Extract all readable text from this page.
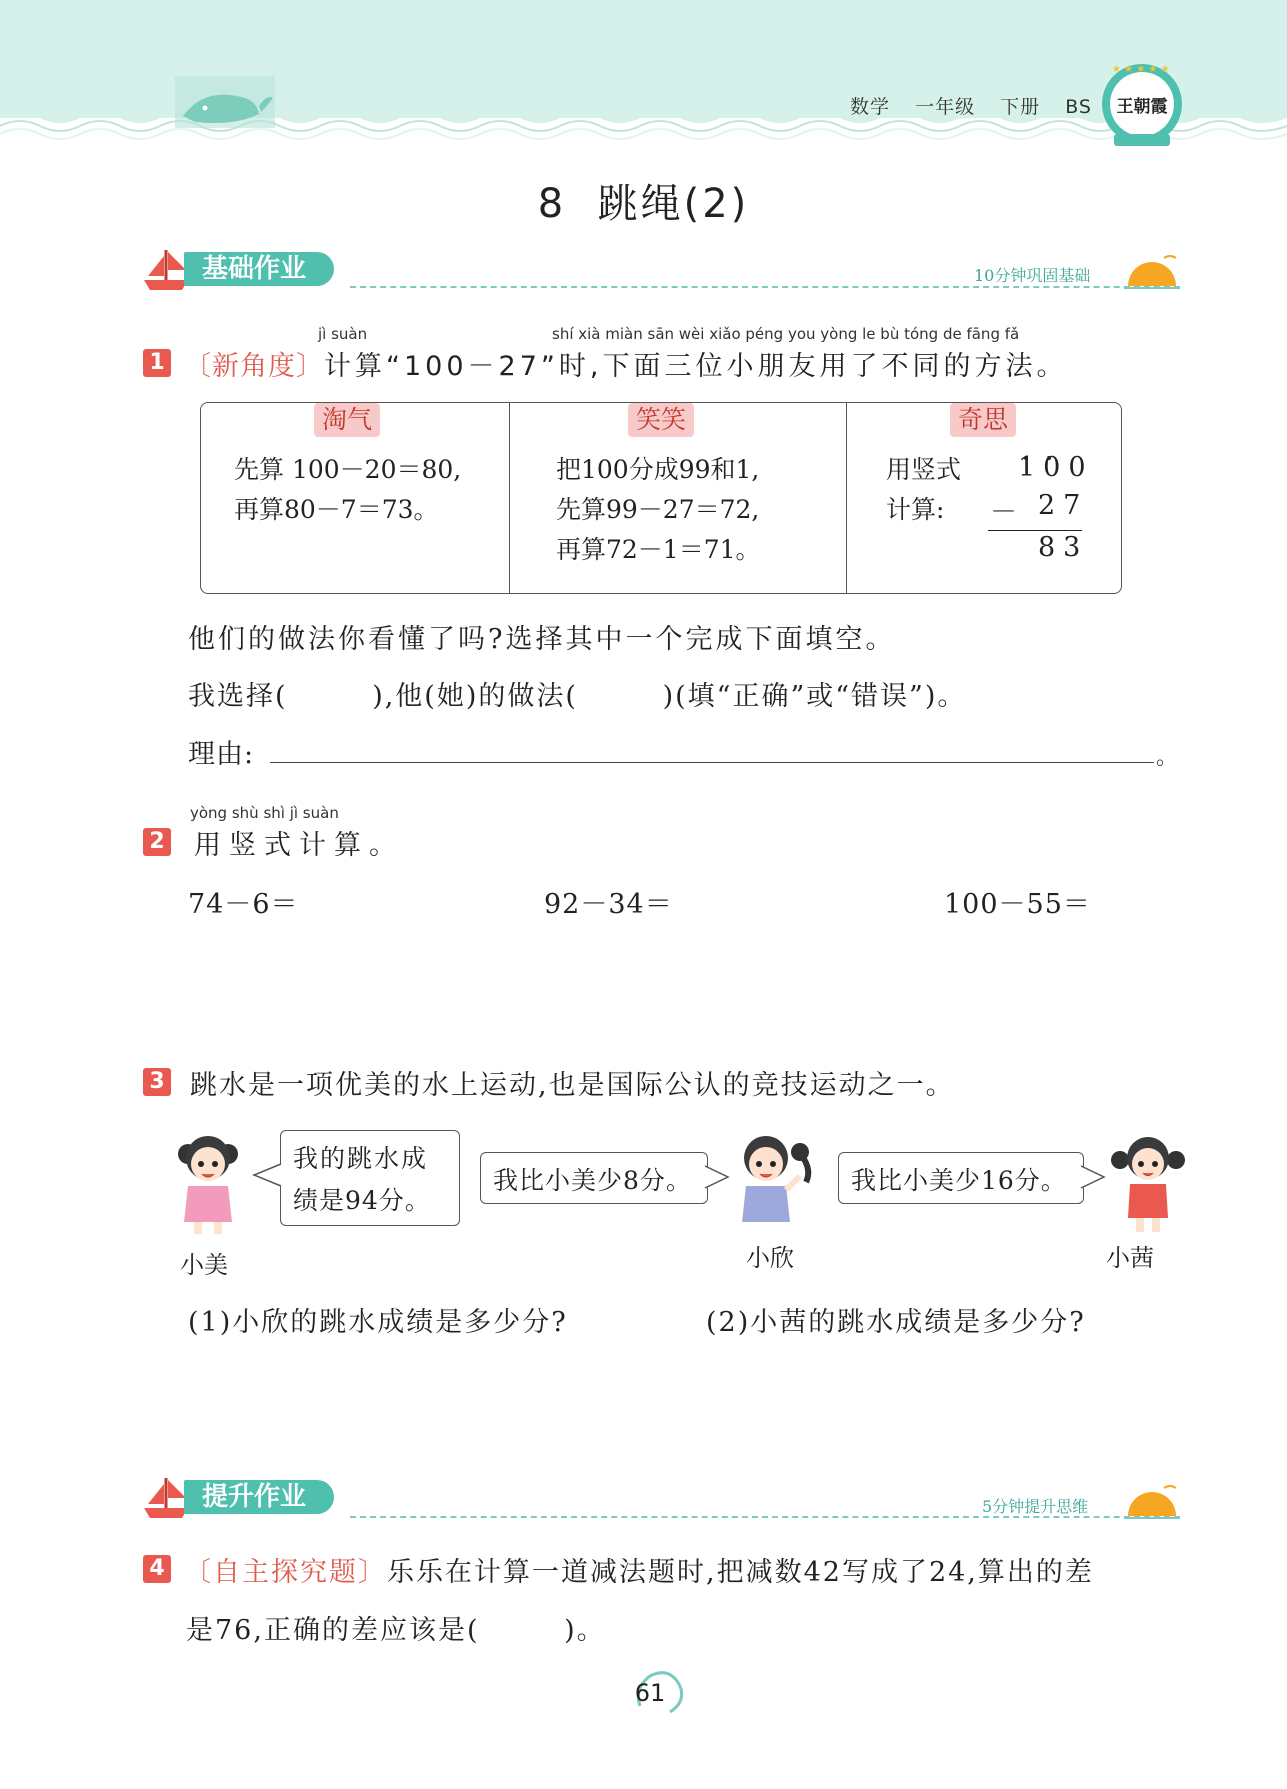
数学 一年级 下册 BS
★ ★ ★ ★ ★
王朝霞
8  跳绳(2)
基础作业	10分钟巩固基础
jì suàn	shí xià miàn sān wèi xiǎo péng you yòng le bù tóng de fāng fǎ
1 〔新角度〕计算“100－27”时,下面三位小朋友用了不同的方法。
淘气
先算 100－20＝80,
再算80－7＝73。
笑笑
把100分成99和1,
先算99－27＝72,
再算72－1＝71。
奇思
用竖式
计算:
100
－ 27
83
他们的做法你看懂了吗?选择其中一个完成下面填空。
我选择(        ),他(她)的做法(        )(填“正确”或“错误”)。
理由:	。
yòng shù shì jì suàn
2 用竖式计算。
74－6＝	92－34＝	100－55＝
3 跳水是一项优美的水上运动,也是国际公认的竞技运动之一。
小美
我的跳水成
绩是94分。
我比小美少8分。
小欣
我比小美少16分。
小茜
(1)小欣的跳水成绩是多少分?	(2)小茜的跳水成绩是多少分?
提升作业	5分钟提升思维
4 〔自主探究题〕乐乐在计算一道减法题时,把减数42写成了24,算出的差
是76,正确的差应该是(        )。
61
